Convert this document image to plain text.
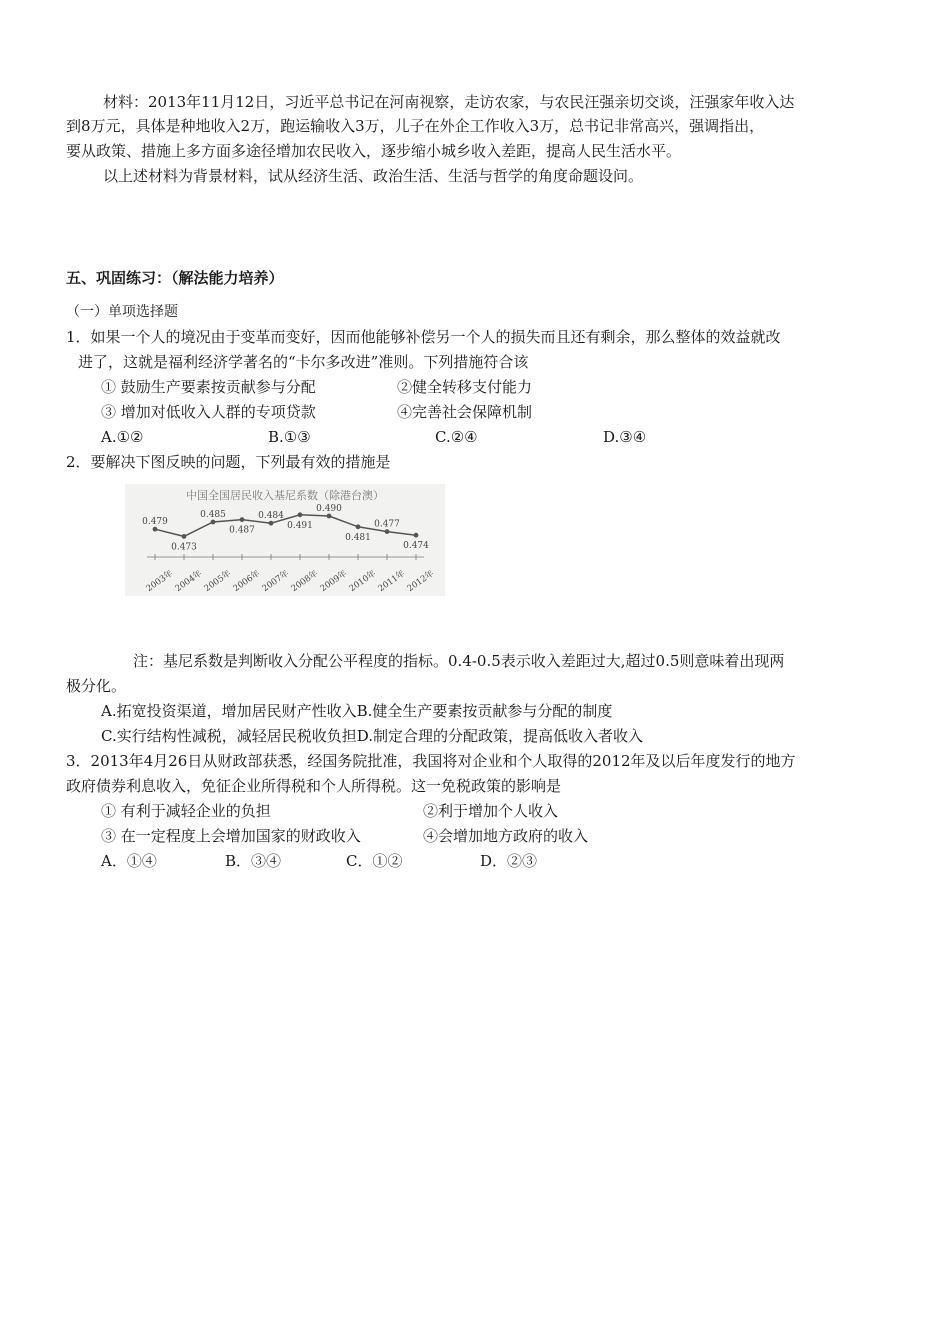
材料：2013年11月12日，习近平总书记在河南视察，走访农家，与农民汪强亲切交谈，汪强家年收入达
到8万元，具体是种地收入2万，跑运输收入3万，儿子在外企工作收入3万，总书记非常高兴，强调指出，
要从政策、措施上多方面多途径增加农民收入，逐步缩小城乡收入差距，提高人民生活水平。
以上述材料为背景材料，试从经济生活、政治生活、生活与哲学的角度命题设问。
五、巩固练习：（解法能力培养）
（一）单项选择题
1．如果一个人的境况由于变革而变好，因而他能够补偿另一个人的损失而且还有剩余，那么整体的效益就改
进了，这就是福利经济学著名的“卡尔多改进”准则。下列措施符合该
① 鼓励生产要素按贡献参与分配	②健全转移支付能力
③ 增加对低收入人群的专项贷款	④完善社会保障机制
A.①②	B.①③	C.②④	D.③④
2．要解决下图反映的问题，下列最有效的措施是
中国全国居民收入基尼系数（除港台澳）
0.479
0.473
0.485
0.487
0.484
0.491
0.490
0.481
0.477
0.474
2003年
2004年
2005年
2006年
2007年
2008年
2009年
2010年
2011年
2012年
注：基尼系数是判断收入分配公平程度的指标。0.4-0.5表示收入差距过大,超过0.5则意味着出现两
极分化。
A.拓宽投资渠道，增加居民财产性收入B.健全生产要素按贡献参与分配的制度
C.实行结构性减税，减轻居民税收负担D.制定合理的分配政策，提高低收入者收入
3．2013年4月26日从财政部获悉，经国务院批准，我国将对企业和个人取得的2012年及以后年度发行的地方
政府债券利息收入，免征企业所得税和个人所得税。这一免税政策的影响是
① 有利于减轻企业的负担	②利于增加个人收入
③ 在一定程度上会增加国家的财政收入	④会增加地方政府的收入
A．①④	B．③④	C．①②	D．②③
